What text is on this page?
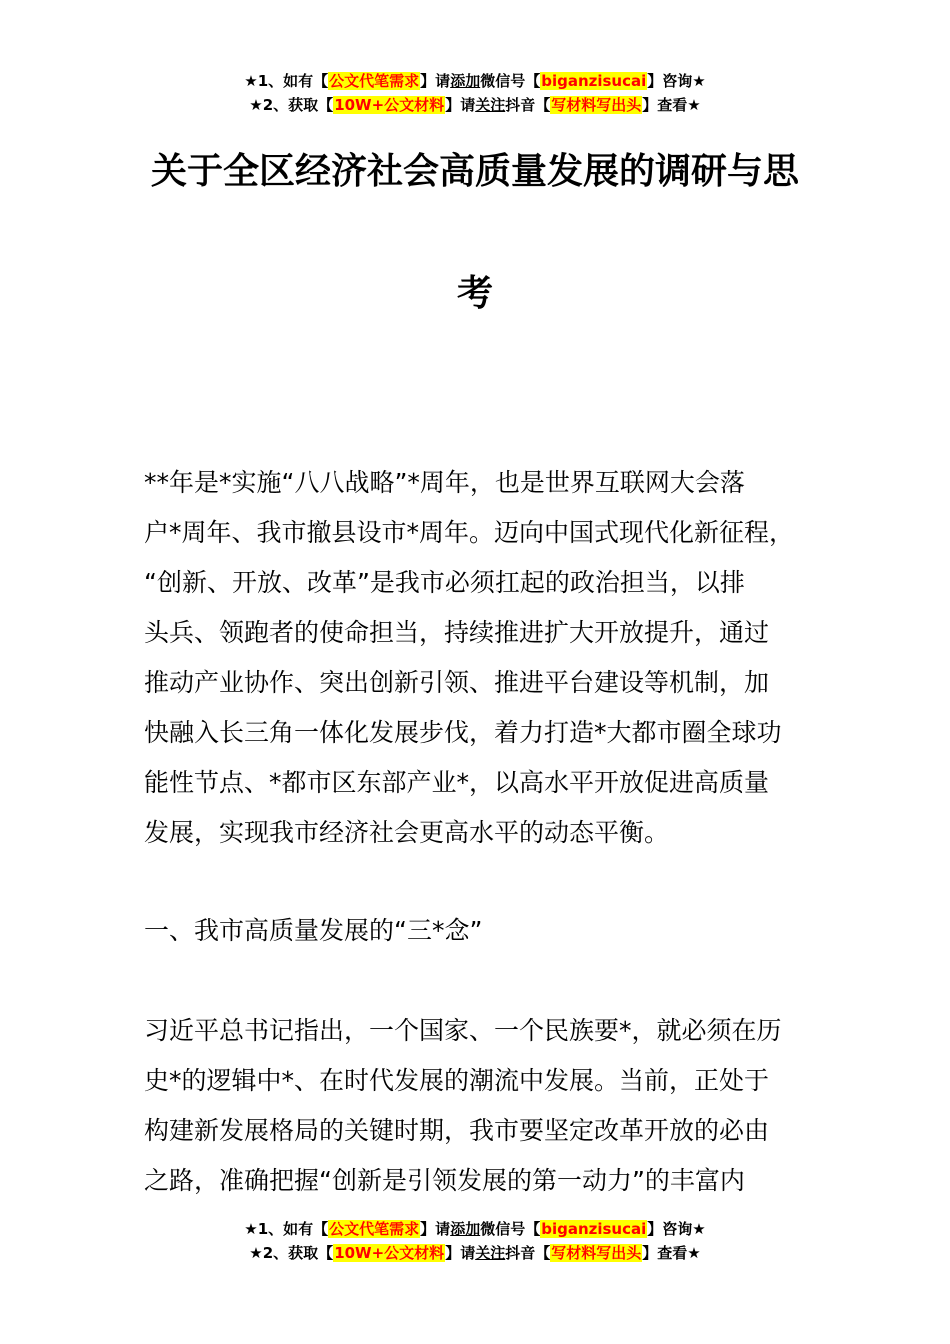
★1、如有【公文代笔需求】请添加微信号【biganzisucai】咨询★
★2、获取【10W+公文材料】请关注抖音【写材料写出头】查看★
关于全区经济社会高质量发展的调研与思
考
**年是*实施“八八战略”*周年，也是世界互联网大会落
户*周年、我市撤县设市*周年。迈向中国式现代化新征程，
“创新、开放、改革”是我市必须扛起的政治担当，以排
头兵、领跑者的使命担当，持续推进扩大开放提升，通过
推动产业协作、突出创新引领、推进平台建设等机制，加
快融入长三角一体化发展步伐，着力打造*大都市圈全球功
能性节点、*都市区东部产业*，以高水平开放促进高质量
发展，实现我市经济社会更高水平的动态平衡。
一、我市高质量发展的“三*念”
习近平总书记指出，一个国家、一个民族要*，就必须在历
史*的逻辑中*、在时代发展的潮流中发展。当前，正处于
构建新发展格局的关键时期，我市要坚定改革开放的必由
之路，准确把握“创新是引领发展的第一动力”的丰富内
★1、如有【公文代笔需求】请添加微信号【biganzisucai】咨询★
★2、获取【10W+公文材料】请关注抖音【写材料写出头】查看★
